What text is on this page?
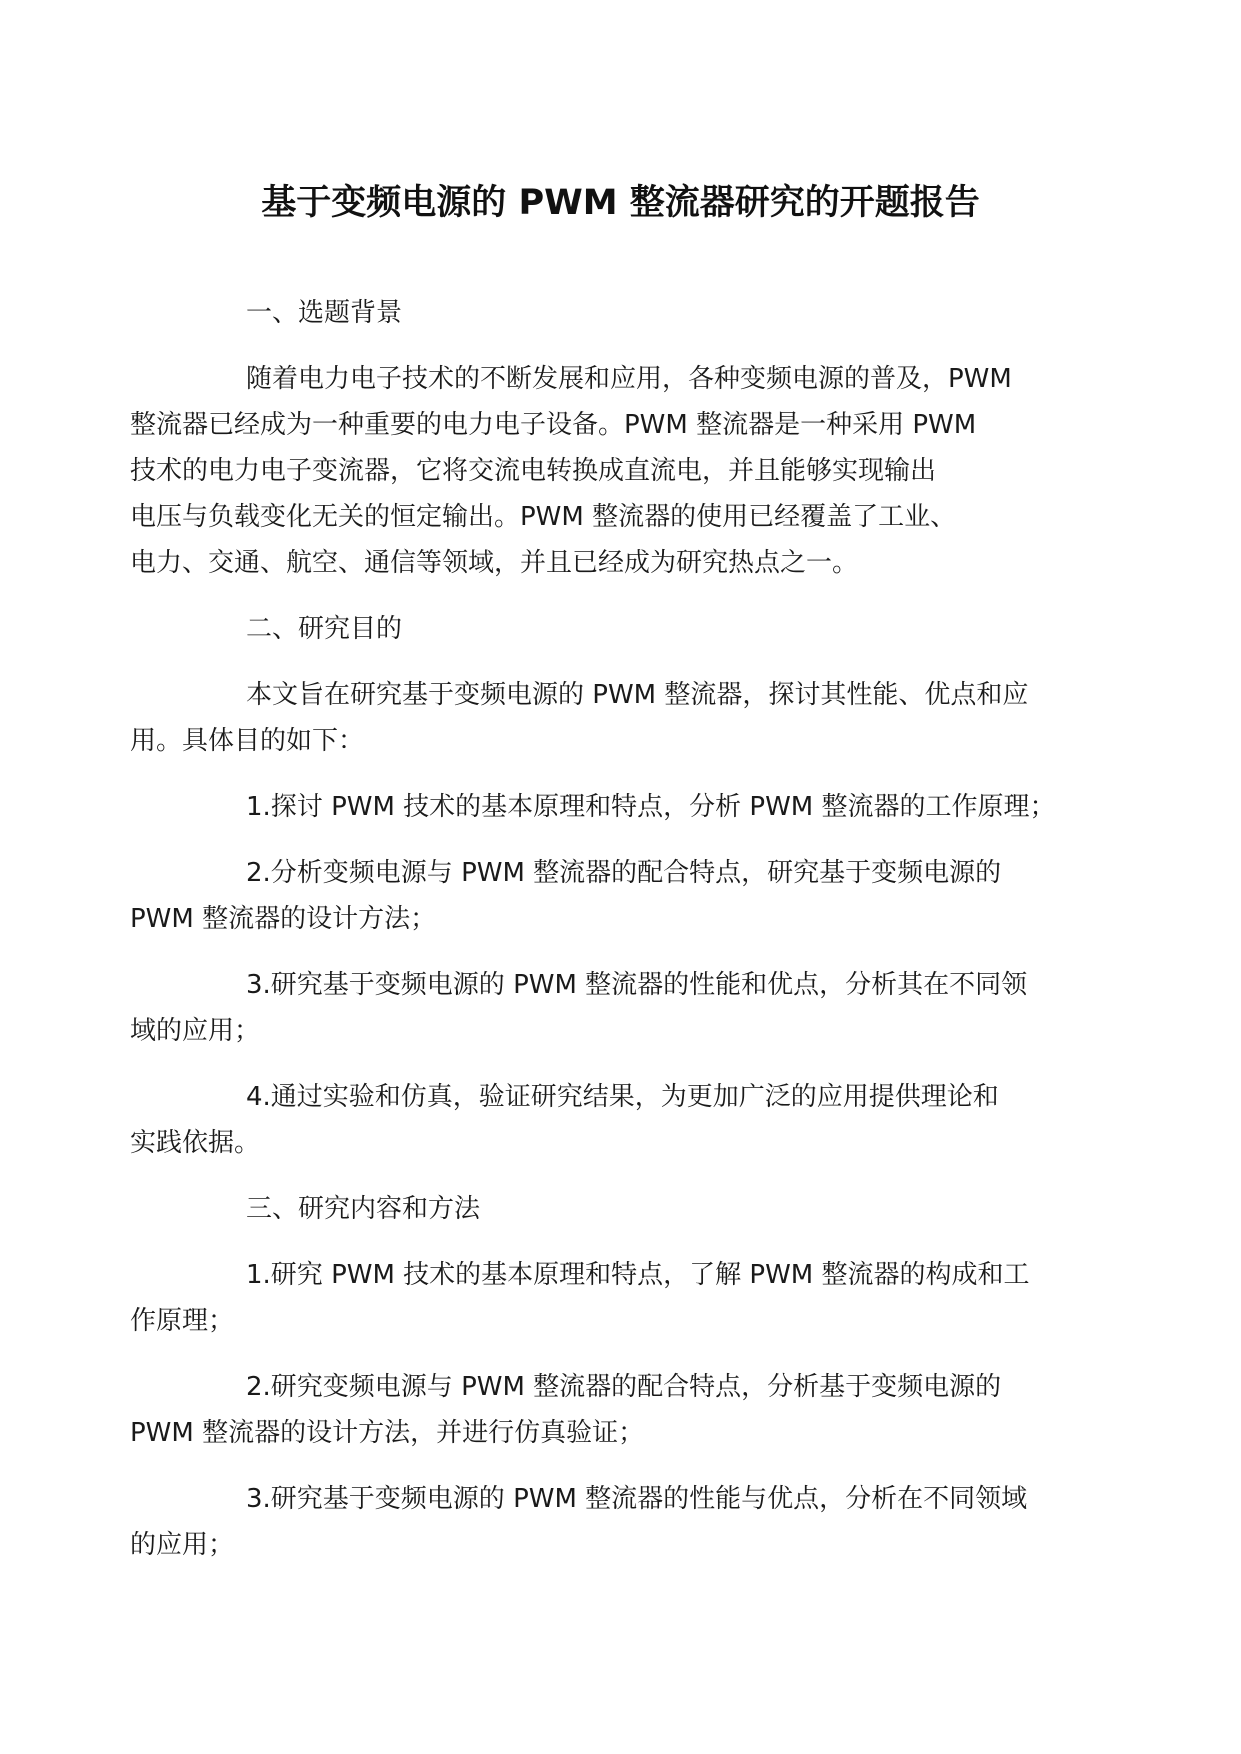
基于变频电源的 PWM 整流器研究的开题报告

一、选题背景

随着电力电子技术的不断发展和应用，各种变频电源的普及，PWM
整流器已经成为一种重要的电力电子设备。PWM 整流器是一种采用 PWM
技术的电力电子变流器，它将交流电转换成直流电，并且能够实现输出
电压与负载变化无关的恒定输出。PWM 整流器的使用已经覆盖了工业、
电力、交通、航空、通信等领域，并且已经成为研究热点之一。

二、研究目的

本文旨在研究基于变频电源的 PWM 整流器，探讨其性能、优点和应
用。具体目的如下：

1.探讨 PWM 技术的基本原理和特点，分析 PWM 整流器的工作原理；

2.分析变频电源与 PWM 整流器的配合特点，研究基于变频电源的
PWM 整流器的设计方法；

3.研究基于变频电源的 PWM 整流器的性能和优点，分析其在不同领
域的应用；

4.通过实验和仿真，验证研究结果，为更加广泛的应用提供理论和
实践依据。

三、研究内容和方法

1.研究 PWM 技术的基本原理和特点，了解 PWM 整流器的构成和工
作原理；

2.研究变频电源与 PWM 整流器的配合特点，分析基于变频电源的
PWM 整流器的设计方法，并进行仿真验证；

3.研究基于变频电源的 PWM 整流器的性能与优点，分析在不同领域
的应用；
